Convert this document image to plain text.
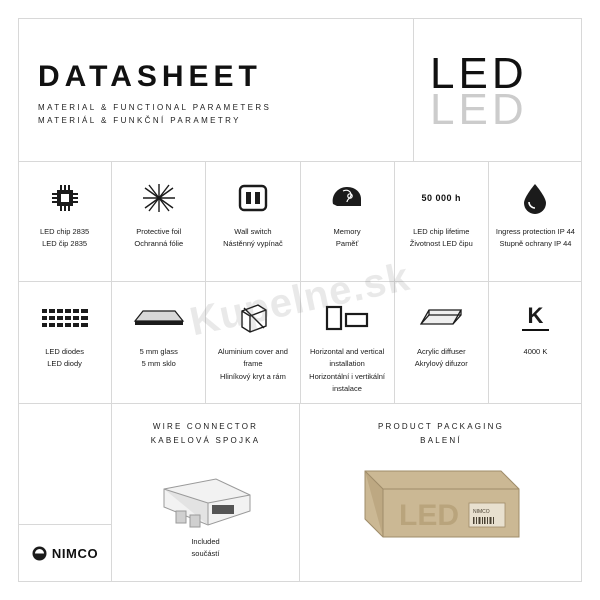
DATASHEET
MATERIAL & FUNCTIONAL PARAMETERS
MATERIÁL & FUNKČNÍ PARAMETRY
LED
LED
LED chip 2835
LED čip 2835
Protective foil
Ochranná fólie
Wall switch
Nástěnný vypínač
Memory
Paměť
50 000 h
LED chip lifetime
Životnost LED čipu
Ingress protection IP 44
Stupně ochrany IP 44
LED diodes
LED diody
5 mm glass
5 mm sklo
Aluminium cover and frame
Hliníkový kryt a rám
Horizontal and vertical installation
Horizontální i vertikální instalace
Acrylic diffuser
Akrylový difuzor
K
4000 K
WIRE CONNECTOR
KABELOVÁ SPOJKA
Included
součástí
PRODUCT PACKAGING
BALENÍ
LED	NIMCO
NIMCO
Kupelne.sk
